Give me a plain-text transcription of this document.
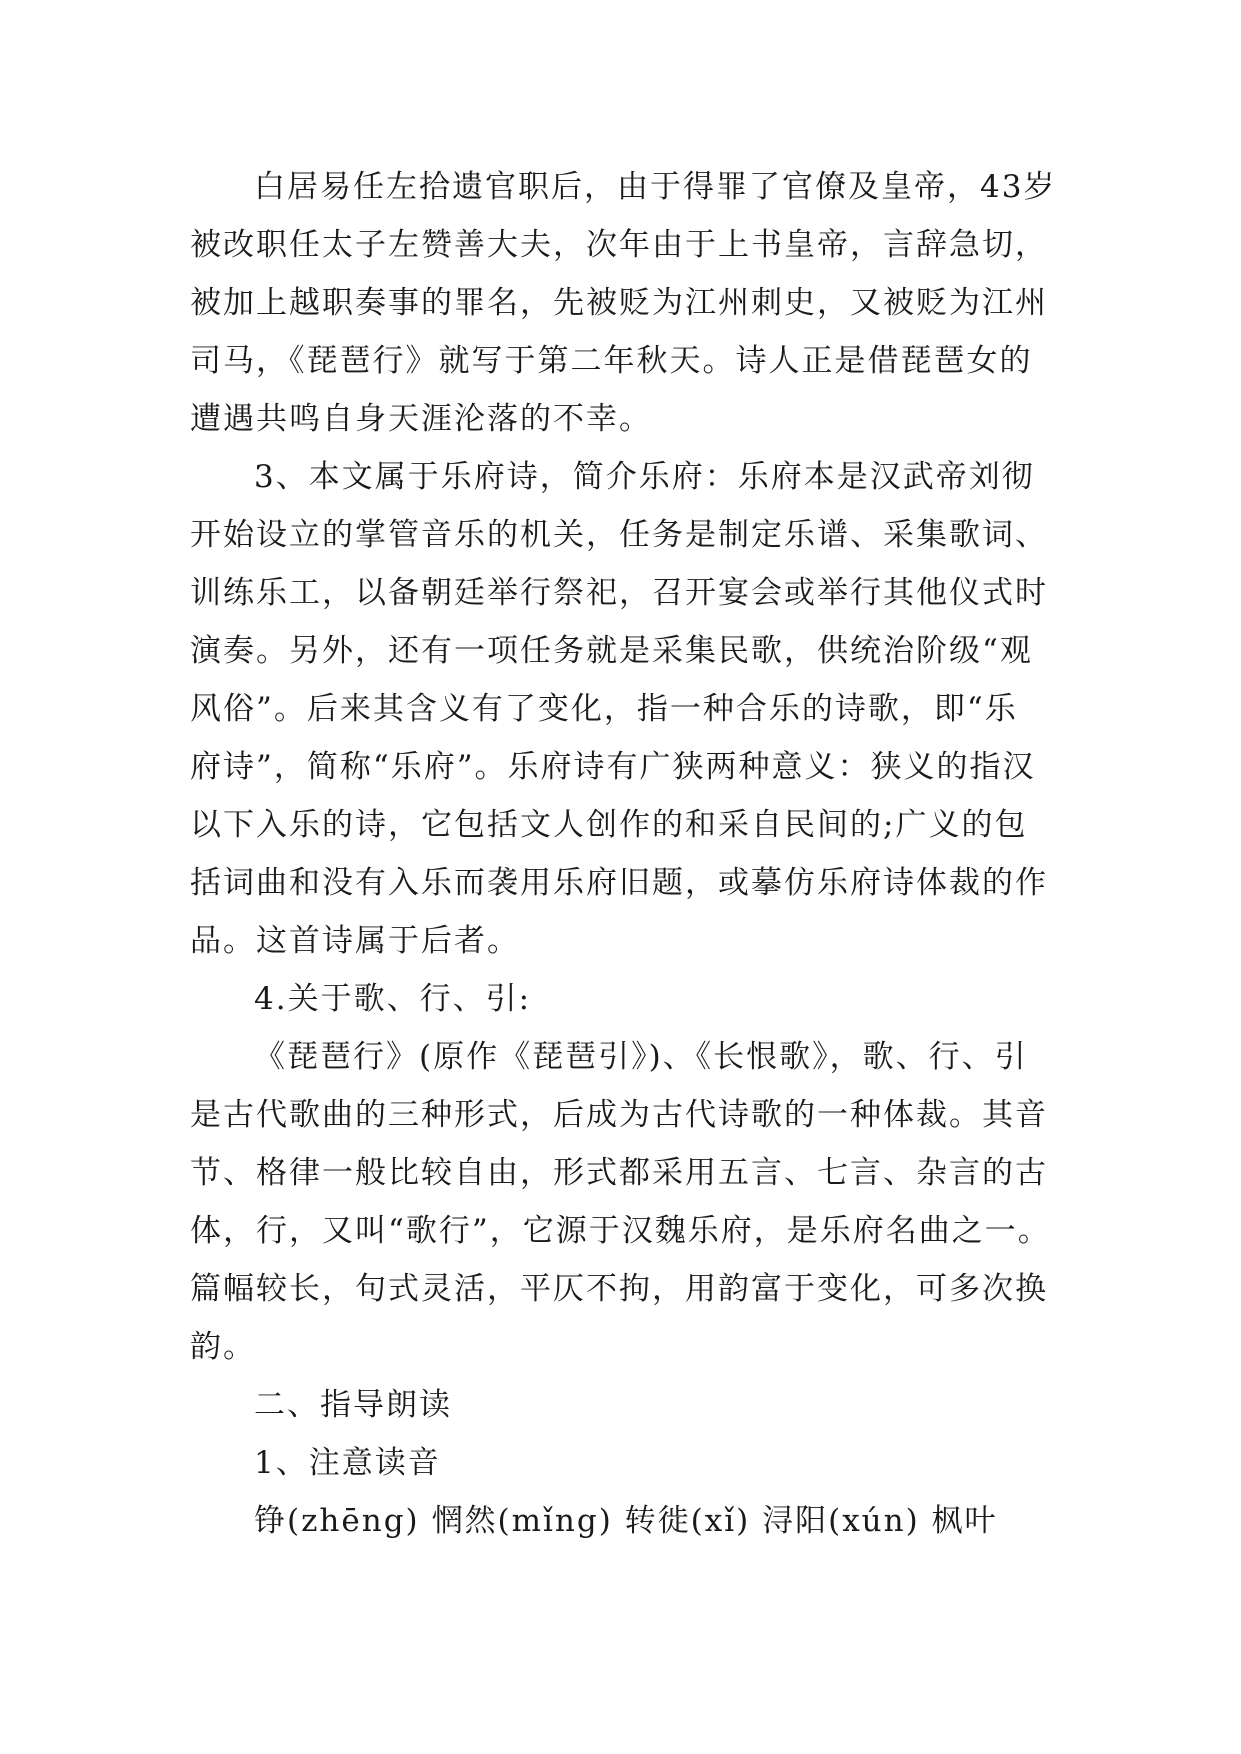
白居易任左拾遗官职后，由于得罪了官僚及皇帝，43岁
被改职任太子左赞善大夫，次年由于上书皇帝，言辞急切，
被加上越职奏事的罪名，先被贬为江州刺史，又被贬为江州
司马，《琵琶行》就写于第二年秋天。诗人正是借琵琶女的
遭遇共鸣自身天涯沦落的不幸。
3、本文属于乐府诗，简介乐府：乐府本是汉武帝刘彻
开始设立的掌管音乐的机关，任务是制定乐谱、采集歌词、
训练乐工，以备朝廷举行祭祀，召开宴会或举行其他仪式时
演奏。另外，还有一项任务就是采集民歌，供统治阶级“观
风俗”。后来其含义有了变化，指一种合乐的诗歌，即“乐
府诗”，简称“乐府”。乐府诗有广狭两种意义：狭义的指汉
以下入乐的诗，它包括文人创作的和采自民间的;广义的包
括词曲和没有入乐而袭用乐府旧题，或摹仿乐府诗体裁的作
品。这首诗属于后者。
4.关于歌、行、引:
《琵琶行》(原作《琵琶引》)、《长恨歌》，歌、行、引
是古代歌曲的三种形式，后成为古代诗歌的一种体裁。其音
节、格律一般比较自由，形式都采用五言、七言、杂言的古
体，行，又叫“歌行”，它源于汉魏乐府，是乐府名曲之一。
篇幅较长，句式灵活，平仄不拘，用韵富于变化，可多次换
韵。
二、指导朗读
1、注意读音
铮(zhēng) 惘然(mǐng) 转徙(xǐ) 浔阳(xún) 枫叶
